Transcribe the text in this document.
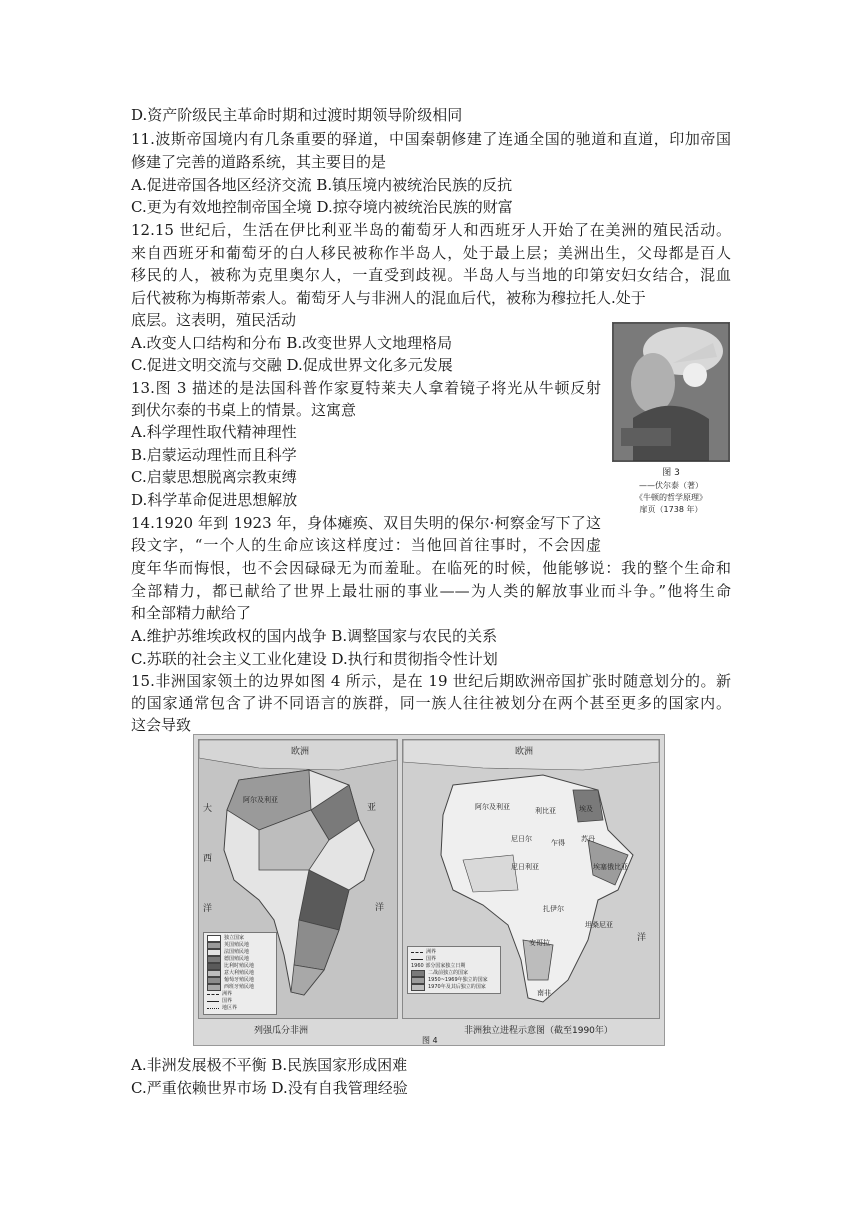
D.资产阶级民主革命时期和过渡时期领导阶级相同
11.波斯帝国境内有几条重要的驿道，中国秦朝修建了连通全国的驰道和直道，印加帝国
修建了完善的道路系统，其主要目的是
A.促进帝国各地区经济交流 B.镇压境内被统治民族的反抗
C.更为有效地控制帝国全境 D.掠夺境内被统治民族的财富
12.15 世纪后，生活在伊比利亚半岛的葡萄牙人和西班牙人开始了在美洲的殖民活动。
来自西班牙和葡萄牙的白人移民被称作半岛人，处于最上层；美洲出生，父母都是百人
移民的人，被称为克里奥尔人，一直受到歧视。半岛人与当地的印第安妇女结合，混血
后代被称为梅斯蒂索人。葡萄牙人与非洲人的混血后代，被称为穆拉托人.处于
底层。这表明，殖民活动
A.改变人口结构和分布 B.改变世界人文地理格局
C.促进文明交流与交融 D.促成世界文化多元发展
13.图 3 描述的是法国科普作家夏特莱夫人拿着镜子将光从牛顿反射
到伏尔泰的书桌上的情景。这寓意
A.科学理性取代精神理性
B.启蒙运动理性而且科学
C.启蒙思想脱离宗教束缚
D.科学革命促进思想解放
14.1920 年到 1923 年，身体瘫痪、双目失明的保尔·柯察金写下了这
段文字，“一个人的生命应该这样度过：当他回首往事时，不会因虚
度年华而悔恨，也不会因碌碌无为而羞耻。在临死的时候，他能够说：我的整个生命和
全部精力，都已献给了世界上最壮丽的事业——为人类的解放事业而斗争。”他将生命
和全部精力献给了
A.维护苏维埃政权的国内战争 B.调整国家与农民的关系
C.苏联的社会主义工业化建设 D.执行和贯彻指令性计划
15.非洲国家领土的边界如图 4 所示，是在 19 世纪后期欧洲帝国扩张时随意划分的。新
的国家通常包含了讲不同语言的族群，同一族人往往被划分在两个甚至更多的国家内。
这会导致
A.非洲发展极不平衡 B.民族国家形成困难
C.严重依赖世界市场 D.没有自我管理经验
图 3
——伏尔泰（著）
《牛顿的哲学原理》
扉页（1738 年）
欧洲
阿尔及利亚
亚
大西洋	洋
独立国家
英国殖民地
法国殖民地
德国殖民地
比利时殖民地
意大利殖民地
葡萄牙殖民地
西班牙殖民地
洲界
国界
地区界
欧洲
阿尔及利亚	利比亚	埃及
尼日尔	乍得 苏丹
尼日利亚	埃塞俄比亚
扎伊尔
坦桑尼亚
安哥拉
南非
洋
洲界
国界
1960 部分国家独立日期
二战前独立的国家
1950~1969年独立的国家
1970年及其后独立的国家
列强瓜分非洲	非洲独立进程示意图（截至1990年）
图 4
